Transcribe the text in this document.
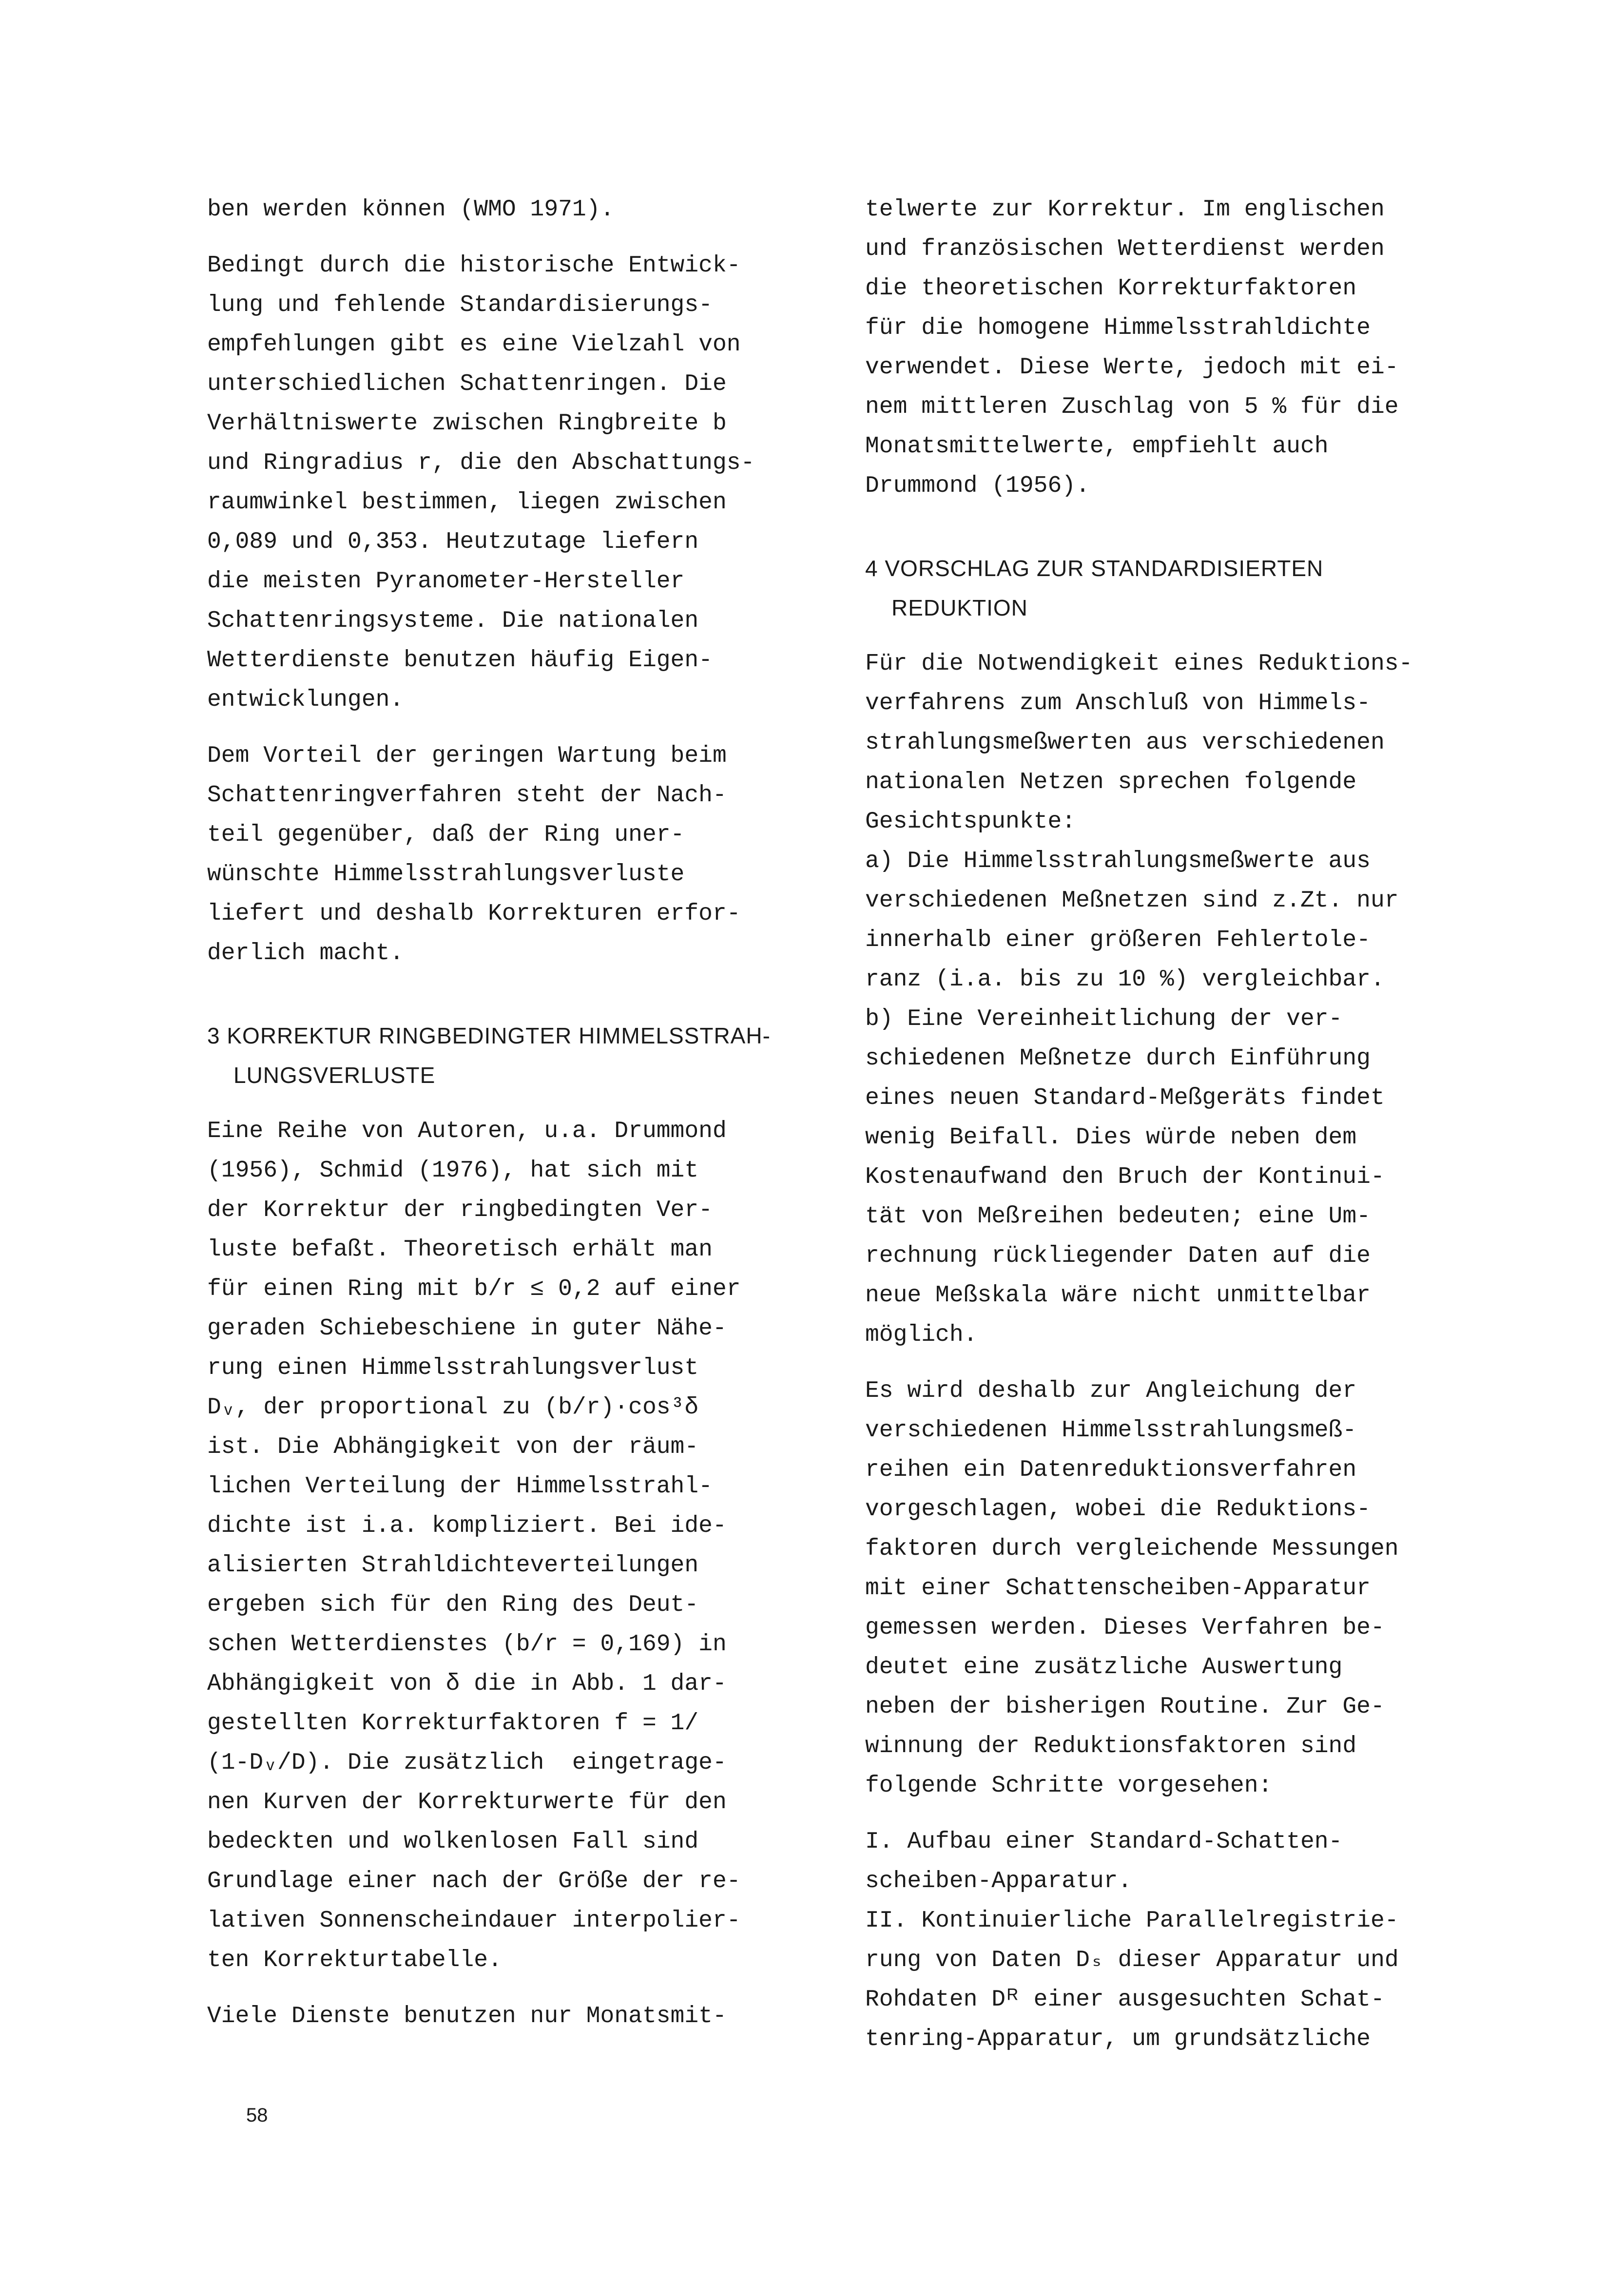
ben werden können (WMO 1971).
Bedingt durch die historische Entwick-
lung und fehlende Standardisierungs-
empfehlungen gibt es eine Vielzahl von
unterschiedlichen Schattenringen. Die
Verhältniswerte zwischen Ringbreite b
und Ringradius r, die den Abschattungs-
raumwinkel bestimmen, liegen zwischen
0,089 und 0,353. Heutzutage liefern
die meisten Pyranometer-Hersteller
Schattenringsysteme. Die nationalen
Wetterdienste benutzen häufig Eigen-
entwicklungen.
Dem Vorteil der geringen Wartung beim
Schattenringverfahren steht der Nach-
teil gegenüber, daß der Ring uner-
wünschte Himmelsstrahlungsverluste
liefert und deshalb Korrekturen erfor-
derlich macht.
3 KORREKTUR RINGBEDINGTER HIMMELSSTRAH-
LUNGSVERLUSTE
Eine Reihe von Autoren, u.a. Drummond
(1956), Schmid (1976), hat sich mit
der Korrektur der ringbedingten Ver-
luste befaßt. Theoretisch erhält man
für einen Ring mit b/r ≤ 0,2 auf einer
geraden Schiebeschiene in guter Nähe-
rung einen Himmelsstrahlungsverlust
Dᵥ, der proportional zu (b/r)·cos³δ
ist. Die Abhängigkeit von der räum-
lichen Verteilung der Himmelsstrahl-
dichte ist i.a. kompliziert. Bei ide-
alisierten Strahldichteverteilungen
ergeben sich für den Ring des Deut-
schen Wetterdienstes (b/r = 0,169) in
Abhängigkeit von δ die in Abb. 1 dar-
gestellten Korrekturfaktoren f = 1/
(1-Dᵥ/D). Die zusätzlich  eingetrage-
nen Kurven der Korrekturwerte für den
bedeckten und wolkenlosen Fall sind
Grundlage einer nach der Größe der re-
lativen Sonnenscheindauer interpolier-
ten Korrekturtabelle.
Viele Dienste benutzen nur Monatsmit-
telwerte zur Korrektur. Im englischen
und französischen Wetterdienst werden
die theoretischen Korrekturfaktoren
für die homogene Himmelsstrahldichte
verwendet. Diese Werte, jedoch mit ei-
nem mittleren Zuschlag von 5 % für die
Monatsmittelwerte, empfiehlt auch
Drummond (1956).
4 VORSCHLAG ZUR STANDARDISIERTEN
REDUKTION
Für die Notwendigkeit eines Reduktions-
verfahrens zum Anschluß von Himmels-
strahlungsmeßwerten aus verschiedenen
nationalen Netzen sprechen folgende
Gesichtspunkte:
a) Die Himmelsstrahlungsmeßwerte aus
verschiedenen Meßnetzen sind z.Zt. nur
innerhalb einer größeren Fehlertole-
ranz (i.a. bis zu 10 %) vergleichbar.
b) Eine Vereinheitlichung der ver-
schiedenen Meßnetze durch Einführung
eines neuen Standard-Meßgeräts findet
wenig Beifall. Dies würde neben dem
Kostenaufwand den Bruch der Kontinui-
tät von Meßreihen bedeuten; eine Um-
rechnung rückliegender Daten auf die
neue Meßskala wäre nicht unmittelbar
möglich.
Es wird deshalb zur Angleichung der
verschiedenen Himmelsstrahlungsmeß-
reihen ein Datenreduktionsverfahren
vorgeschlagen, wobei die Reduktions-
faktoren durch vergleichende Messungen
mit einer Schattenscheiben-Apparatur
gemessen werden. Dieses Verfahren be-
deutet eine zusätzliche Auswertung
neben der bisherigen Routine. Zur Ge-
winnung der Reduktionsfaktoren sind
folgende Schritte vorgesehen:
I. Aufbau einer Standard-Schatten-
scheiben-Apparatur.
II. Kontinuierliche Parallelregistrie-
rung von Daten Dₛ dieser Apparatur und
Rohdaten Dᴿ einer ausgesuchten Schat-
tenring-Apparatur, um grundsätzliche
58
